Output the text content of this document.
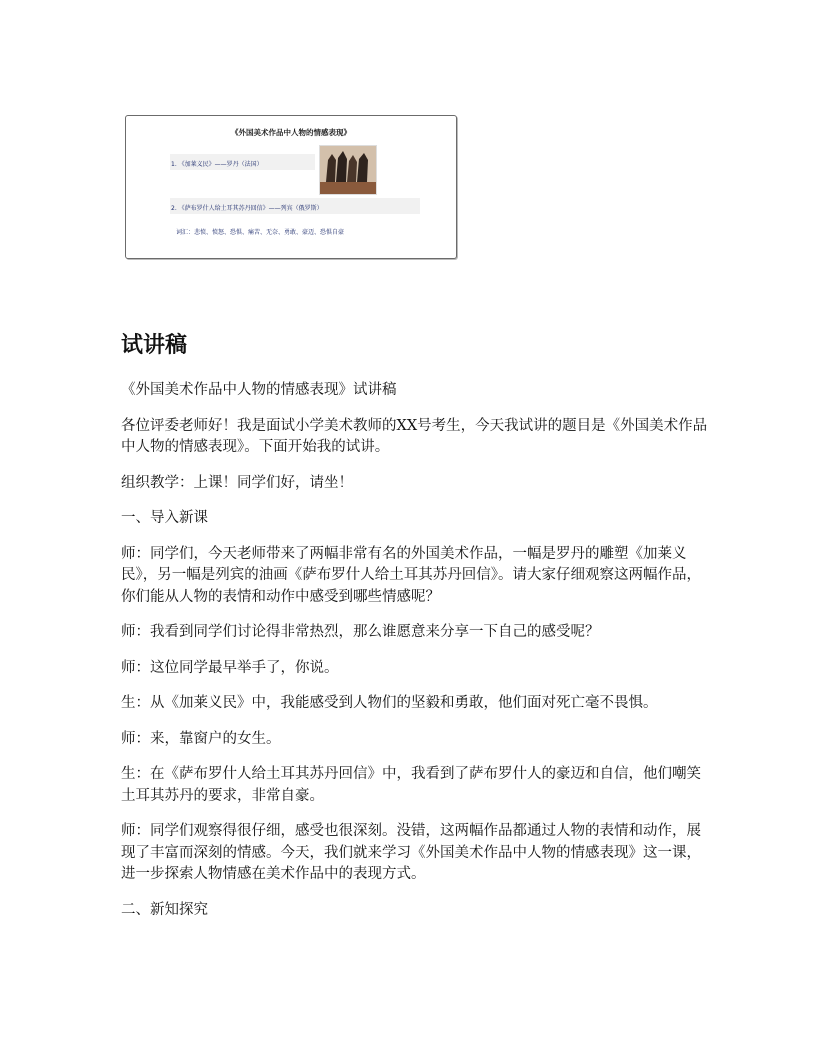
《外国美术作品中人物的情感表现》
1. 《加莱义民》——罗丹（法国）
2. 《萨布罗什人给土耳其苏丹回信》——列宾（俄罗斯）
词汇：悲愤、愤怒、恐惧、痛苦、无奈、勇敢、豪迈、恐惧自豪
试讲稿

《外国美术作品中人物的情感表现》试讲稿

各位评委老师好！我是面试小学美术教师的XX号考生，今天我试讲的题目是《外国美术作品中人物的情感表现》。下面开始我的试讲。

组织教学：上课！同学们好，请坐！

一、导入新课

师：同学们，今天老师带来了两幅非常有名的外国美术作品，一幅是罗丹的雕塑《加莱义民》，另一幅是列宾的油画《萨布罗什人给土耳其苏丹回信》。请大家仔细观察这两幅作品，你们能从人物的表情和动作中感受到哪些情感呢？

师：我看到同学们讨论得非常热烈，那么谁愿意来分享一下自己的感受呢？

师：这位同学最早举手了，你说。

生：从《加莱义民》中，我能感受到人物们的坚毅和勇敢，他们面对死亡毫不畏惧。

师：来，靠窗户的女生。

生：在《萨布罗什人给土耳其苏丹回信》中，我看到了萨布罗什人的豪迈和自信，他们嘲笑土耳其苏丹的要求，非常自豪。

师：同学们观察得很仔细，感受也很深刻。没错，这两幅作品都通过人物的表情和动作，展现了丰富而深刻的情感。今天，我们就来学习《外国美术作品中人物的情感表现》这一课，进一步探索人物情感在美术作品中的表现方式。

二、新知探究
